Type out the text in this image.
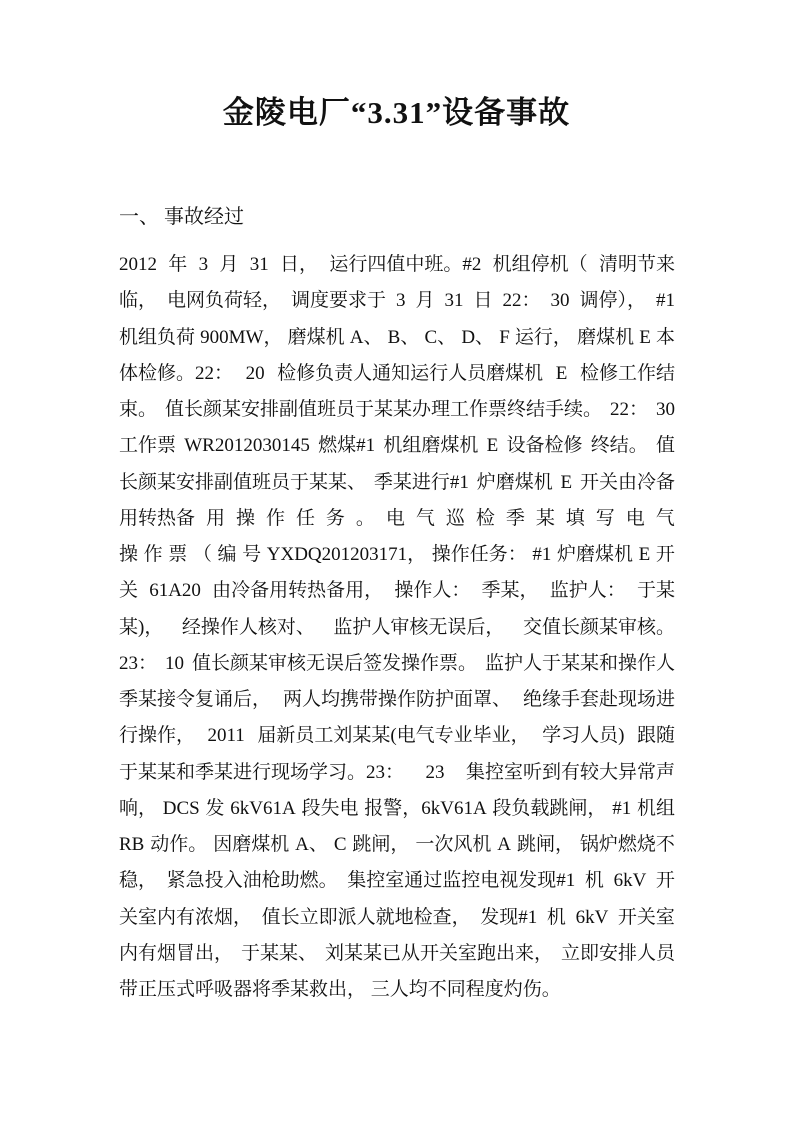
金陵电厂“3.31”设备事故
一、 事故经过
2012 年 3 月 31 日， 运行四值中班。#2 机组停机（ 清明节来
临， 电网负荷轻， 调度要求于 3 月 31 日 22： 30 调停）， #1
机组负荷 900MW， 磨煤机 A、 B、 C、 D、 F 运行， 磨煤机 E 本
体检修。22： 20 检修负责人通知运行人员磨煤机 E 检修工作结
束。 值长颜某安排副值班员于某某办理工作票终结手续。 22： 30
工作票 WR2012030145 燃煤#1 机组磨煤机 E 设备检修 终结。 值
长颜某安排副值班员于某某、 季某进行#1 炉磨煤机 E 开关由冷备
用转热备 用 操 作 任 务 。 电 气 巡 检 季 某 填 写 电 气
操 作 票 （ 编 号 YXDQ201203171， 操作任务： #1 炉磨煤机 E 开
关 61A20 由冷备用转热备用， 操作人： 季某， 监护人： 于某
某)， 经操作人核对、 监护人审核无误后， 交值长颜某审核。
23： 10 值长颜某审核无误后签发操作票。 监护人于某某和操作人
季某接令复诵后， 两人均携带操作防护面罩、 绝缘手套赴现场进
行操作， 2011 届新员工刘某某(电气专业毕业， 学习人员) 跟随
于某某和季某进行现场学习。23： 23 集控室听到有较大异常声
响， DCS 发 6kV61A 段失电 报警，6kV61A 段负载跳闸， #1 机组
RB 动作。 因磨煤机 A、 C 跳闸， 一次风机 A 跳闸， 锅炉燃烧不
稳， 紧急投入油枪助燃。 集控室通过监控电视发现#1 机 6kV 开
关室内有浓烟， 值长立即派人就地检查， 发现#1 机 6kV 开关室
内有烟冒出， 于某某、 刘某某已从开关室跑出来， 立即安排人员
带正压式呼吸器将季某救出， 三人均不同程度灼伤。
